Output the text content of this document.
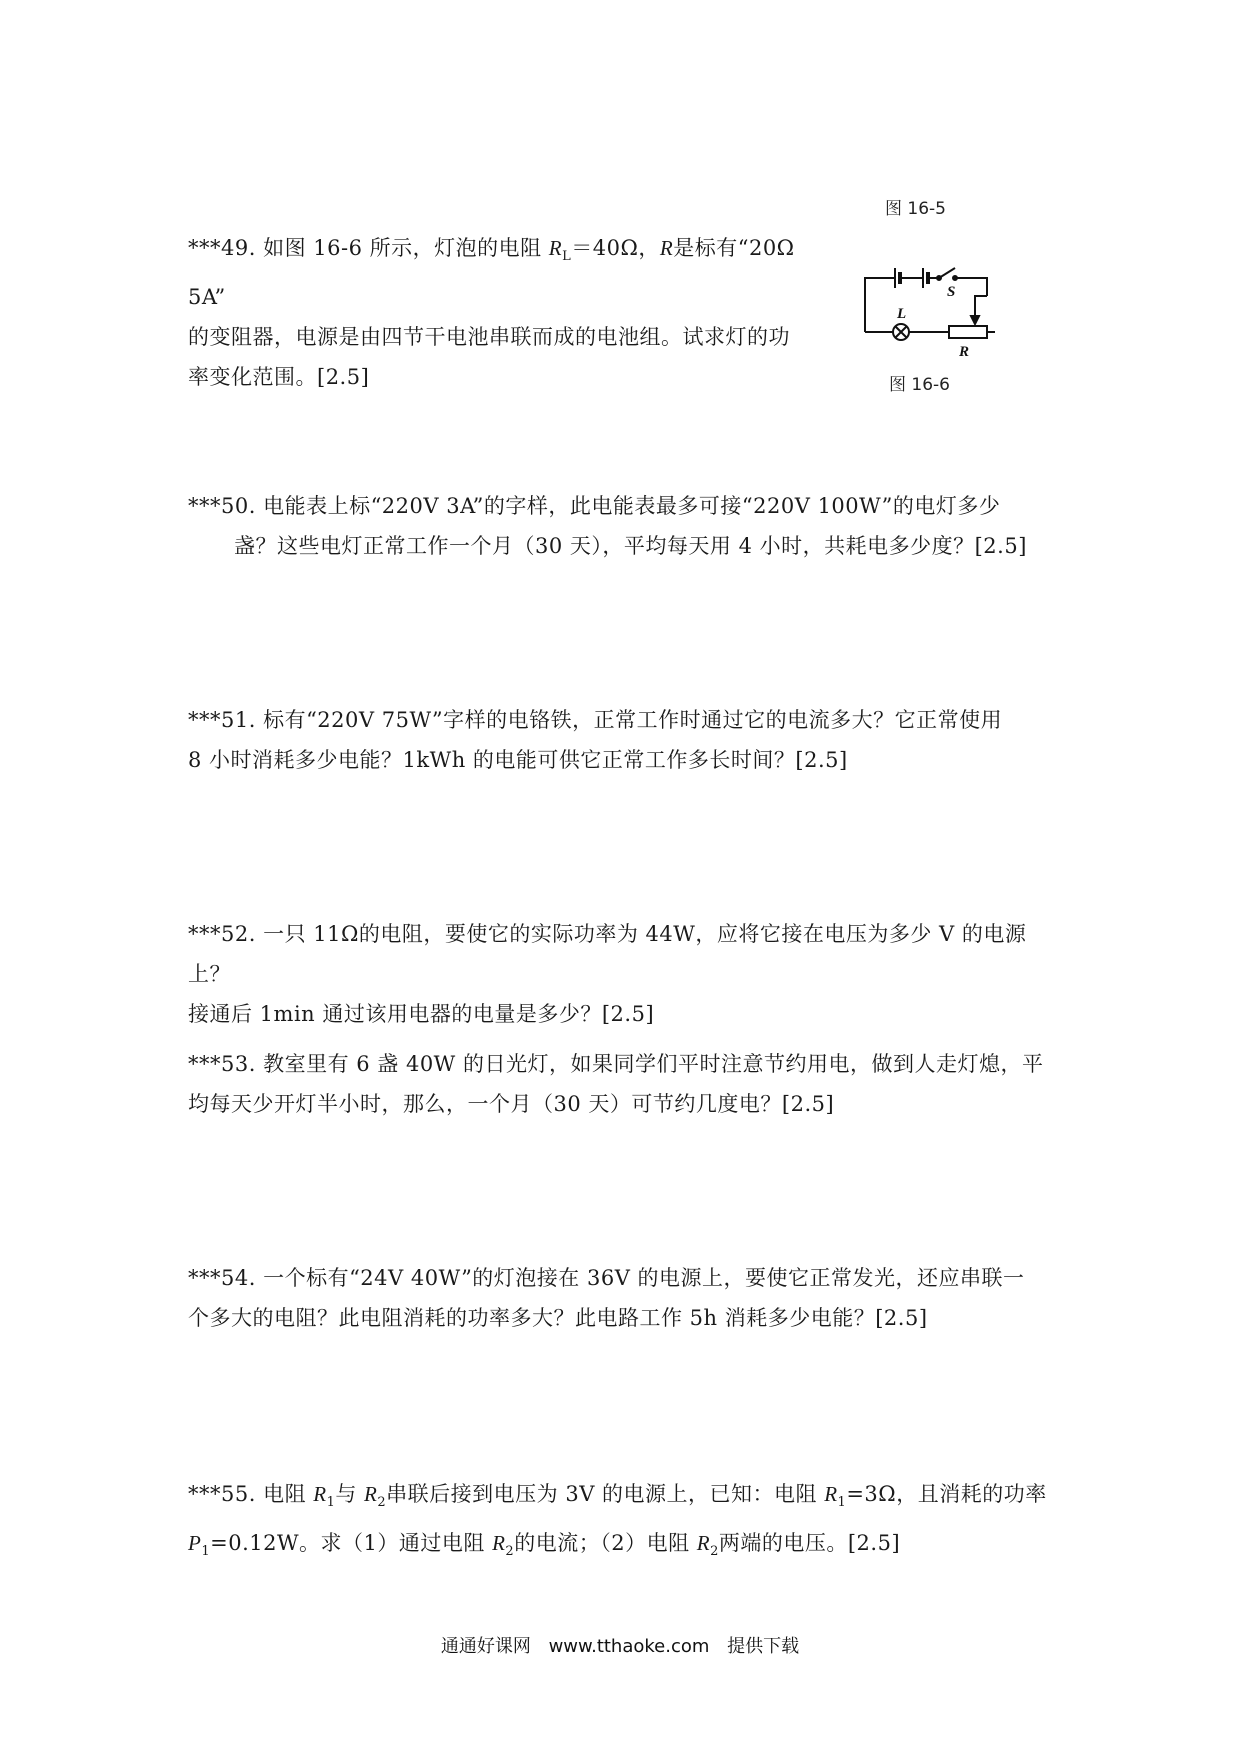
图 16-5

***49. 如图 16-6 所示，灯泡的电阻 $R_L=40\Omega$，R是标有“20Ω 5A”

的变阻器，电源是由四节干电池串联而成的电池组。试求灯的功

率变化范围。[2.5]

S
L
R
图 16-6

***50. 电能表上标“220V 3A”的字样，此电能表最多可接“220V 100W”的电灯多少

盏？这些电灯正常工作一个月（30 天），平均每天用 4 小时，共耗电多少度？[2.5]

***51. 标有“220V 75W”字样的电铬铁，正常工作时通过它的电流多大？它正常使用

8 小时消耗多少电能？1kWh 的电能可供它正常工作多长时间？[2.5]

***52. 一只 11Ω的电阻，要使它的实际功率为 44W，应将它接在电压为多少 V 的电源上？

接通后 1min 通过该用电器的电量是多少？[2.5]

***53. 教室里有 6 盏 40W 的日光灯，如果同学们平时注意节约用电，做到人走灯熄，平

均每天少开灯半小时，那么，一个月（30 天）可节约几度电？[2.5]

***54. 一个标有“24V 40W”的灯泡接在 36V 的电源上，要使它正常发光，还应串联一

个多大的电阻？此电阻消耗的功率多大？此电路工作 5h 消耗多少电能？[2.5]

***55. 电阻 $R_1$与 $R_2$串联后接到电压为 3V 的电源上，已知：电阻 $R_1=3\Omega$，且消耗的功率$P_1=0.12W$。求（1）通过电阻 $R_2$的电流；（2）电阻 $R_2$两端的电压。[2.5]

通通好课网 www.tthaoke.com 提供下载
